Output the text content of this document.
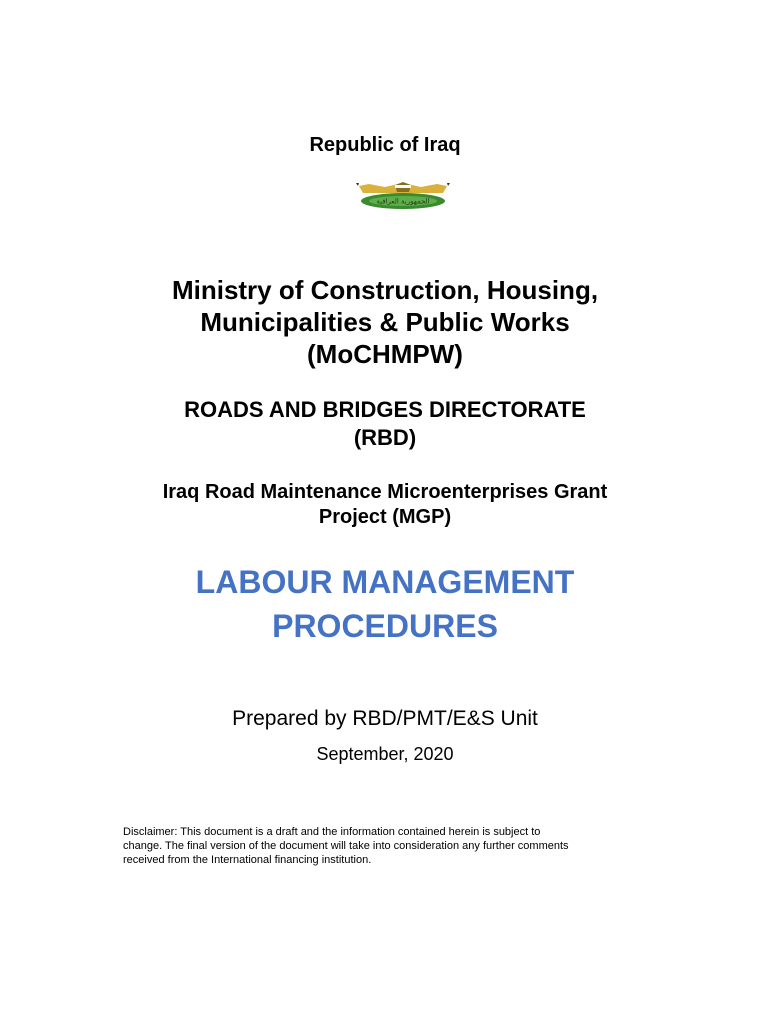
Republic of Iraq
الجمهورية العراقية
Ministry of Construction, Housing,
Municipalities & Public Works
(MoCHMPW)
ROADS AND BRIDGES DIRECTORATE
(RBD)
Iraq Road Maintenance Microenterprises Grant
Project (MGP)
LABOUR MANAGEMENT
PROCEDURES
Prepared by RBD/PMT/E&S Unit
September, 2020
Disclaimer: This document is a draft and the information contained herein is subject to
change. The final version of the document will take into consideration any further comments
received from the International financing institution.
